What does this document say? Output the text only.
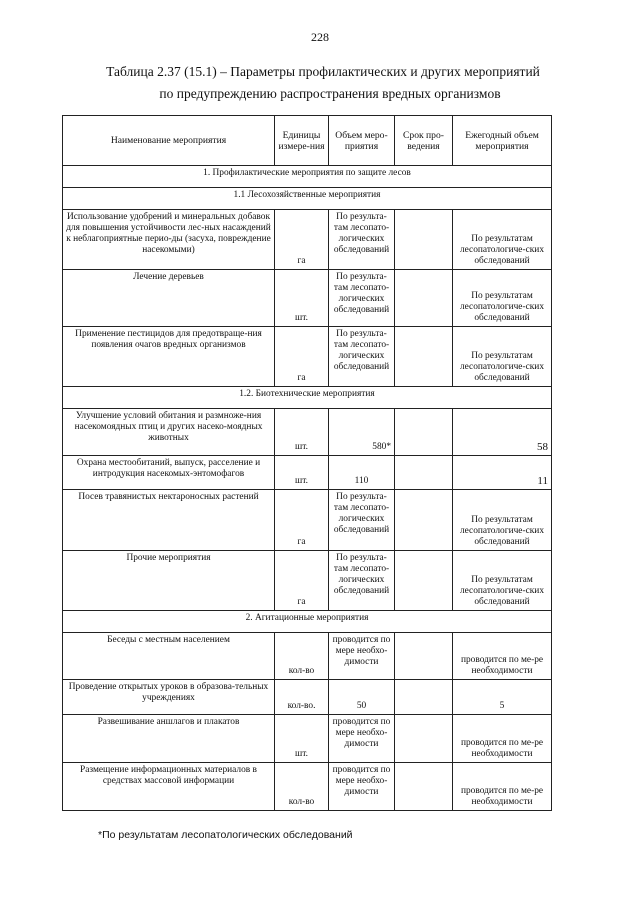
228
Таблица 2.37 (15.1) – Параметры профилактических и других мероприятий
по предупреждению распространения вредных организмов
Наименование мероприятия	Единицы измере-ния	Объем меро-приятия	Срок про-ведения	Ежегодный объем мероприятия
1. Профилактические мероприятия по защите лесов				
1.1 Лесохозяйственные мероприятия				
Использование удобрений и минеральных добавок для повышения устойчивости лес-ных насаждений к неблагоприятные перио-ды (засуха, повреждение насекомыми)	га	По результа-там лесопато-логических обследований		По результатам лесопатологиче-ских обследований
Лечение деревьев	шт.	По результа-там лесопато-логических обследований		По результатам лесопатологиче-ских обследований
Применение пестицидов для предотвраще-ния появления очагов вредных организмов	га	По результа-там лесопато-логических обследований		По результатам лесопатологиче-ских обследований
1.2. Биотехнические мероприятия				
Улучшение условий обитания и размноже-ния насекомоядных птиц и других насеко-моядных животных	шт.	580*		58
Охрана местообитаний, выпуск, расселение и интродукция насекомых-энтомофагов	шт.	110		11
Посев травянистых нектароносных растений	га	По результа-там лесопато-логических обследований		По результатам лесопатологиче-ских обследований
Прочие мероприятия	га	По результа-там лесопато-логических обследований		По результатам лесопатологиче-ских обследований
2. Агитационные мероприятия				
Беседы с местным населением	кол-во	проводится по мере необхо-димости		проводится по ме-ре необходимости
Проведение открытых уроков в образова-тельных учреждениях	кол-во.	50		5
Развешивание аншлагов и плакатов	шт.	проводится по мере необхо-димости		проводится по ме-ре необходимости
Размещение информационных материалов в средствах массовой информации	кол-во	проводится по мере необхо-димости		проводится по ме-ре необходимости
*По результатам лесопатологических обследований
